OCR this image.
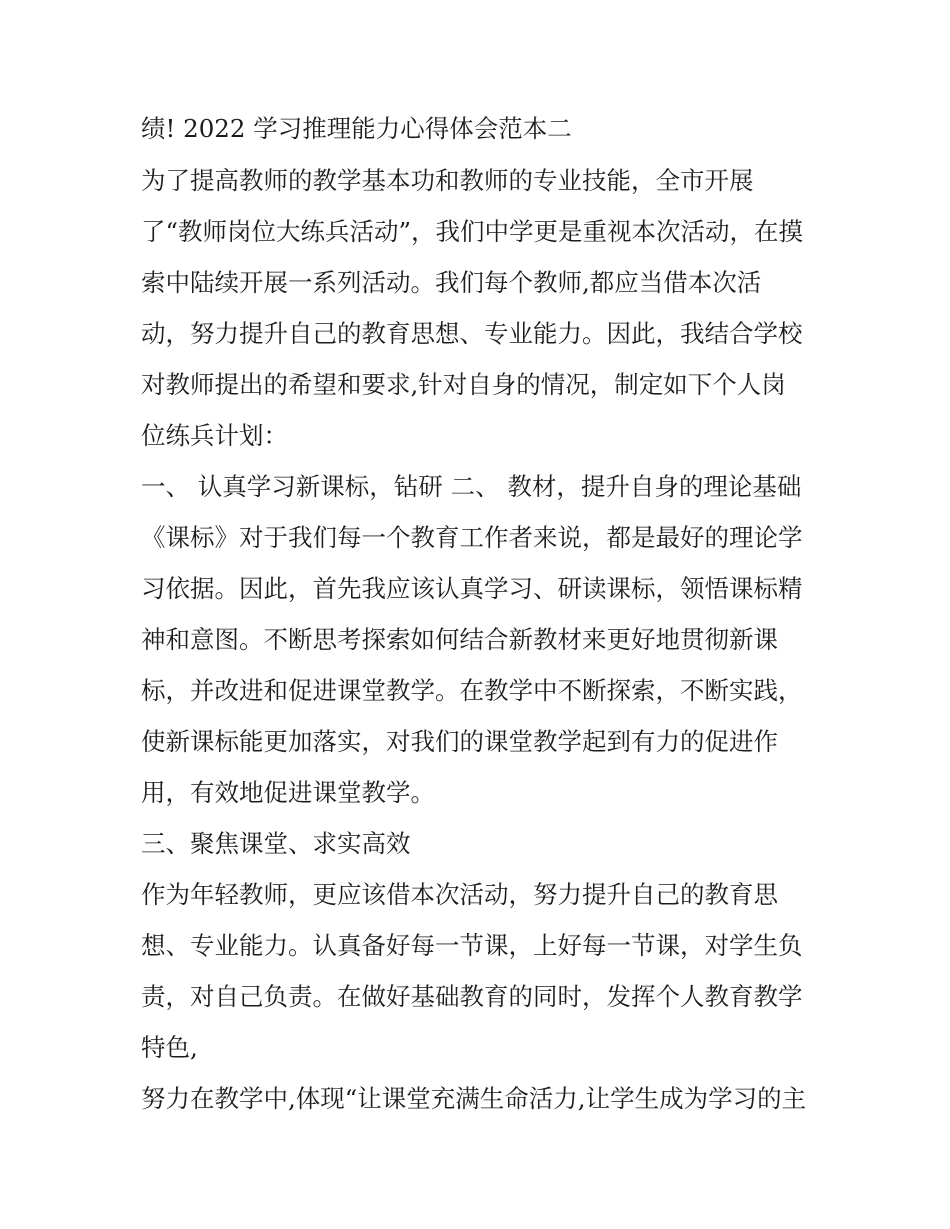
绩! 2022 学习推理能力心得体会范本二
为了提高教师的教学基本功和教师的专业技能，全市开展
了“教师岗位大练兵活动”，我们中学更是重视本次活动，在摸
索中陆续开展一系列活动。我们每个教师,都应当借本次活
动，努力提升自己的教育思想、专业能力。因此，我结合学校
对教师提出的希望和要求,针对自身的情况，制定如下个人岗
位练兵计划：
一、 认真学习新课标，钻研 二、 教材，提升自身的理论基础
《课标》对于我们每一个教育工作者来说，都是最好的理论学
习依据。因此，首先我应该认真学习、研读课标，领悟课标精
神和意图。不断思考探索如何结合新教材来更好地贯彻新课
标，并改进和促进课堂教学。在教学中不断探索，不断实践，
使新课标能更加落实，对我们的课堂教学起到有力的促进作
用，有效地促进课堂教学。
三、聚焦课堂、求实高效
作为年轻教师，更应该借本次活动，努力提升自己的教育思
想、专业能力。认真备好每一节课，上好每一节课，对学生负
责，对自己负责。在做好基础教育的同时，发挥个人教育教学
特色,
努力在教学中,体现“让课堂充满生命活力,让学生成为学习的主
